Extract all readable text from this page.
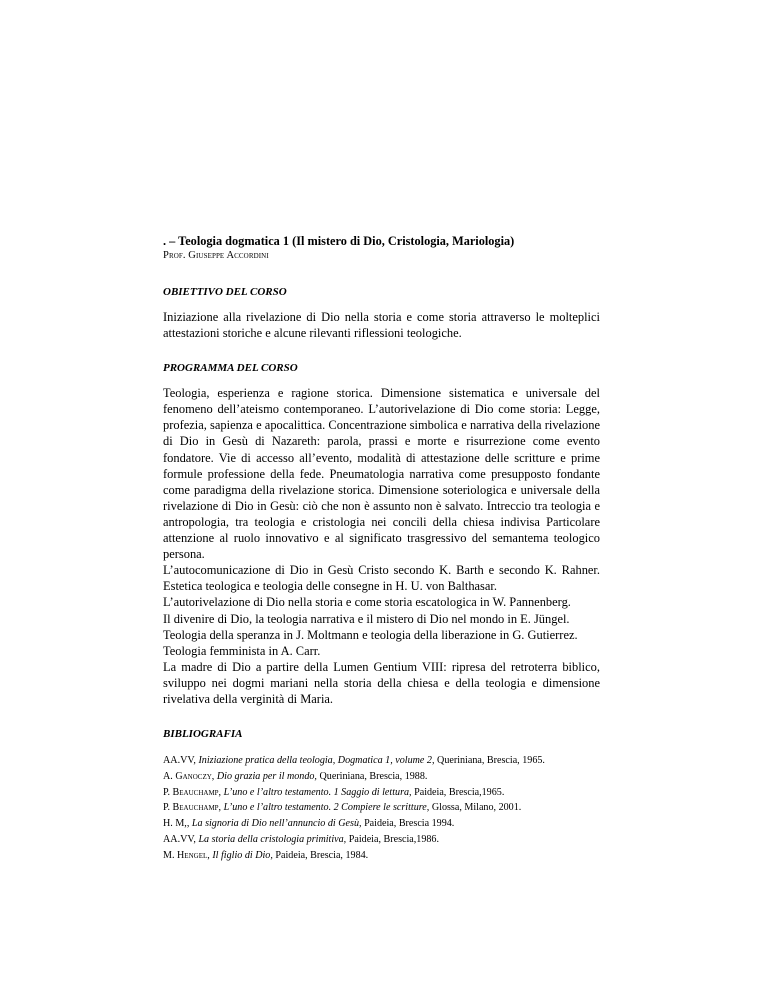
. – Teologia dogmatica 1 (Il mistero di Dio, Cristologia, Mariologia)

Prof. Giuseppe Accordini

OBIETTIVO DEL CORSO

Iniziazione alla rivelazione di Dio nella storia e come storia attraverso le molteplici attestazioni storiche e alcune rilevanti riflessioni teologiche.

PROGRAMMA DEL CORSO

Teologia, esperienza e ragione storica. Dimensione sistematica e universale del fenomeno dell’ateismo contemporaneo. L’autorivelazione di Dio come storia: Legge, profezia, sapienza e apocalittica. Concentrazione simbolica e narrativa della rivelazione di Dio in Gesù di Nazareth: parola, prassi e morte e risurrezione come evento fondatore. Vie di accesso all’evento, modalità di attestazione delle scritture e prime formule professione della fede. Pneumatologia narrativa come presupposto fondante come paradigma della rivelazione storica. Dimensione soteriologica e universale della rivelazione di Dio in Gesù: ciò che non è assunto non è salvato. Intreccio tra teologia e antropologia, tra teologia e cristologia nei concili della chiesa indivisa Particolare attenzione al ruolo innovativo e al significato trasgressivo del semantema teologico persona.

L’autocomunicazione di Dio in Gesù Cristo secondo K. Barth e secondo K. Rahner. Estetica teologica e teologia delle consegne in H. U. von Balthasar.

L’autorivelazione di Dio nella storia e come storia escatologica in W. Pannenberg.

Il divenire di Dio, la teologia narrativa e il mistero di Dio nel mondo in E. Jüngel.

Teologia della speranza in J. Moltmann e teologia della liberazione in G. Gutierrez.

Teologia femminista in A. Carr.

La madre di Dio a partire della Lumen Gentium VIII: ripresa del retroterra biblico, sviluppo nei dogmi mariani nella storia della chiesa e della teologia e dimensione rivelativa della verginità di Maria.

BIBLIOGRAFIA

AA.VV, Iniziazione pratica della teologia, Dogmatica 1, volume 2, Queriniana, Brescia, 1965.
A. Ganoczy, Dio grazia per il mondo, Queriniana, Brescia, 1988.
P. Beauchamp, L’uno e l’altro testamento. 1 Saggio di lettura, Paideia, Brescia,1965.
P. Beauchamp, L’uno e l’altro testamento. 2 Compiere le scritture, Glossa, Milano, 2001.
H. M,, La signoria di Dio nell’annuncio di Gesù, Paideia, Brescia 1994.
AA.VV, La storia della cristologia primitiva, Paideia, Brescia,1986.
M. Hengel, Il figlio di Dio, Paideia, Brescia, 1984.
